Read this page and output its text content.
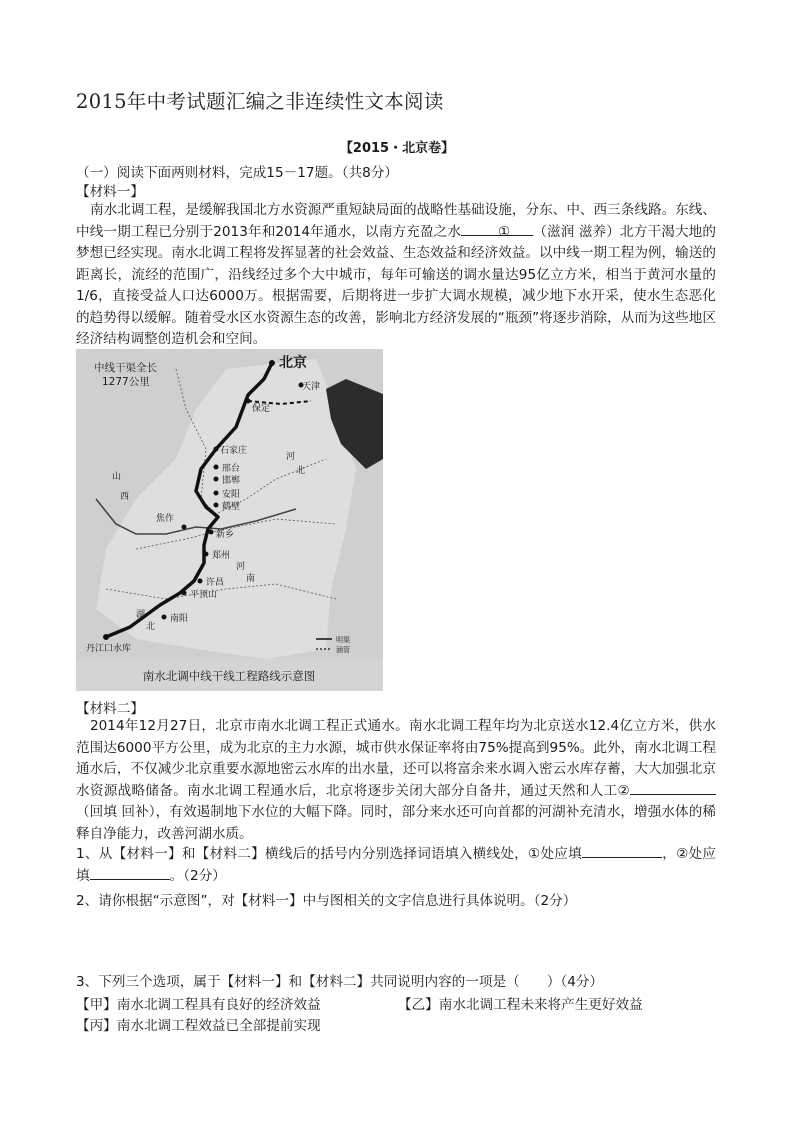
2015年中考试题汇编之非连续性文本阅读
【2015・北京卷】
（一）阅读下面两则材料，完成15－17题。（共8分）
【材料一】
南水北调工程，是缓解我国北方水资源严重短缺局面的战略性基础设施，分东、中、西三条线路。东线、中线一期工程已分别于2013年和2014年通水，以南方充盈之水	① （滋润 滋养）北方干渴大地的梦想已经实现。南水北调工程将发挥显著的社会效益、生态效益和经济效益。以中线一期工程为例，输送的距离长，流经的范围广，沿线经过多个大中城市，每年可输送的调水量达95亿立方米，相当于黄河水量的1/6，直接受益人口达6000万。根据需要，后期将进一步扩大调水规模，减少地下水开采，使水生态恶化的趋势得以缓解。随着受水区水资源生态的改善，影响北方经济发展的“瓶颈”将逐步消除，从而为这些地区经济结构调整创造机会和空间。
中线干渠全长
1277公里
北京
天津
保定
石家庄
邢台
邯郸
安阳
鹤壁
焦作
新乡
郑州
许昌
平顶山
南阳
丹江口水库
山
西
河
北
河
南
湖
北
明渠
涵管
南水北调中线干线工程路线示意图
【材料二】
2014年12月27日，北京市南水北调工程正式通水。南水北调工程年均为北京送水12.4亿立方米，供水范围达6000平方公里，成为北京的主力水源，城市供水保证率将由75%提高到95%。此外，南水北调工程通水后，不仅减少北京重要水源地密云水库的出水量，还可以将富余来水调入密云水库存蓄，大大加强北京水资源战略储备。南水北调工程通水后，北京将逐步关闭大部分自备井，通过天然和人工②（回填 回补），有效遏制地下水位的大幅下降。同时，部分来水还可向首都的河湖补充清水，增强水体的稀释自净能力，改善河湖水质。
1、从【材料一】和【材料二】横线后的括号内分别选择词语填入横线处，①处应填	，②处应填	。（2分）
2、请你根据“示意图”，对【材料一】中与图相关的文字信息进行具体说明。（2分）
3、下列三个选项，属于【材料一】和【材料二】共同说明内容的一项是（　　）（4分）
【甲】南水北调工程具有良好的经济效益	【乙】南水北调工程未来将产生更好效益
【丙】南水北调工程效益已全部提前实现
